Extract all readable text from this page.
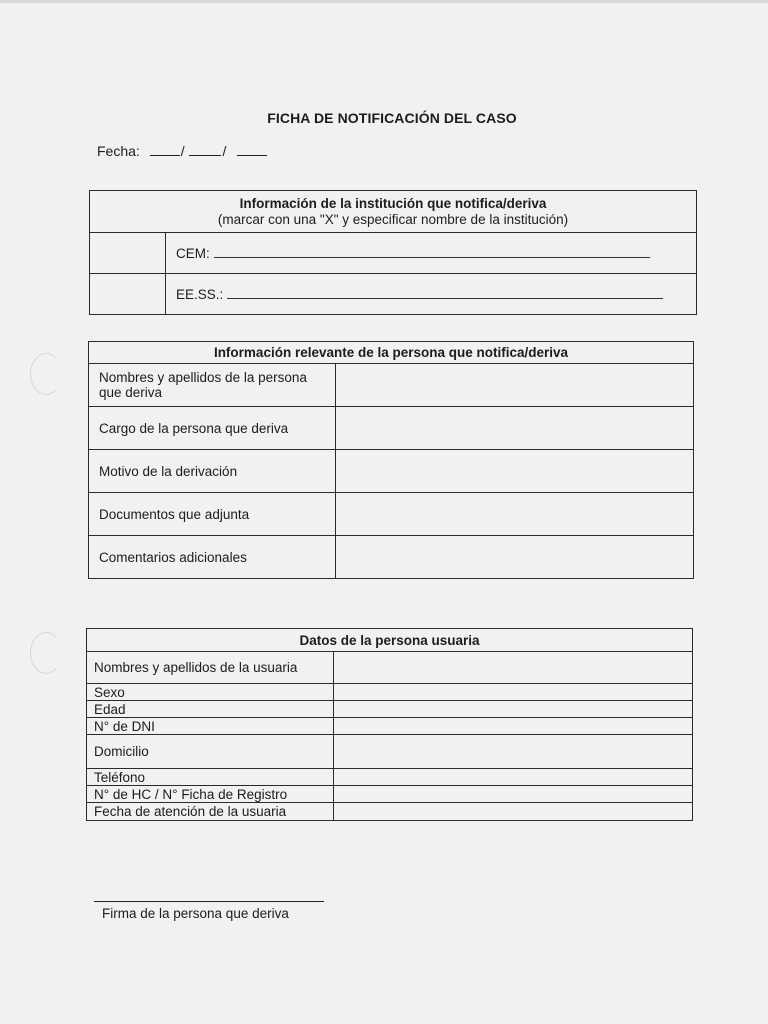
FICHA DE NOTIFICACIÓN DEL CASO
Fecha:	/	/
Información de la institución que notifica/deriva
(marcar con una "X" y especificar nombre de la institución)	

	CEM:
	EE.SS.:
Información relevante de la persona que notifica/deriva	
Nombres y apellidos de la persona que deriva	
Cargo de la persona que deriva	
Motivo de la derivación	
Documentos que adjunta	
Comentarios adicionales	
Datos de la persona usuaria	
Nombres y apellidos de la usuaria	
Sexo	
Edad	
N° de DNI	
Domicilio	
Teléfono	
N° de HC / N° Ficha de Registro	
Fecha de atención de la usuaria	
Firma de la persona que deriva
